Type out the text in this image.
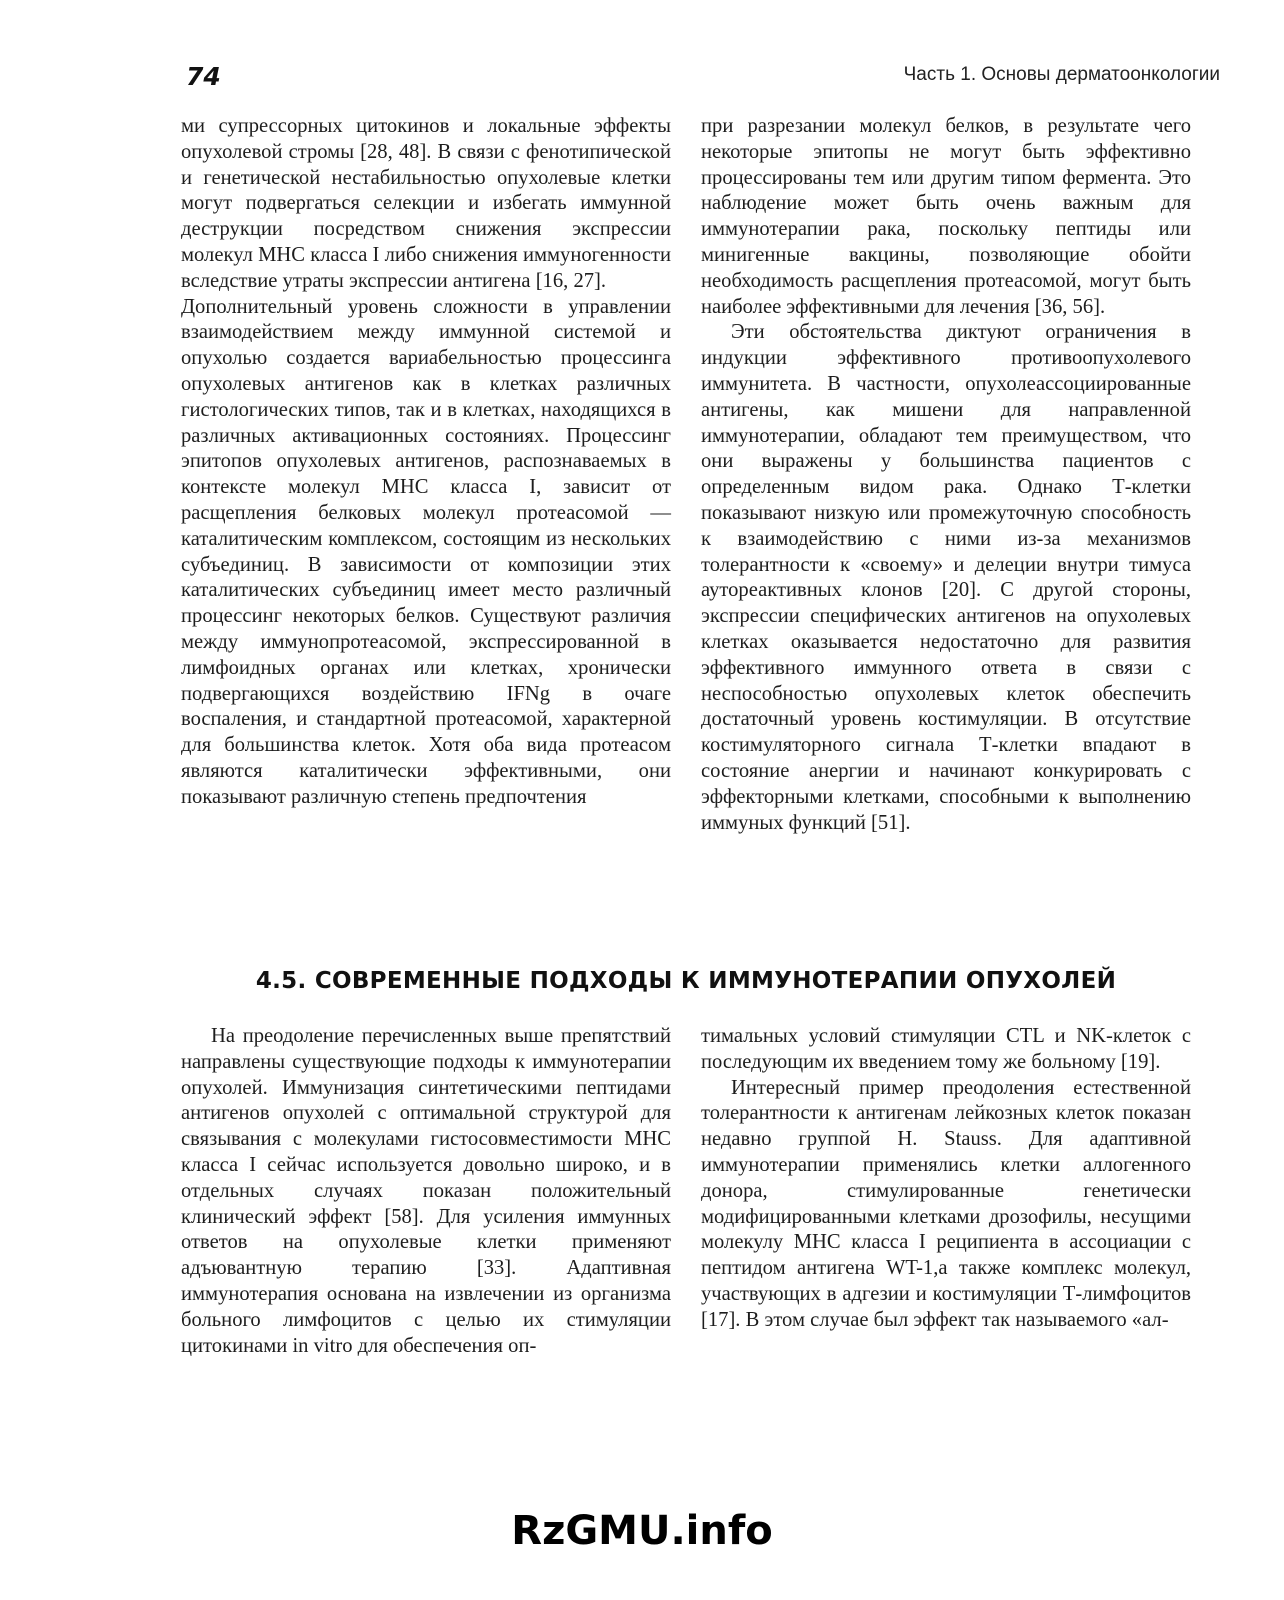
74	Часть 1. Основы дерматоонкологии

ми супрессорных цитокинов и локальные эффекты опухолевой стромы [28, 48]. В связи с фенотипической и генетической нестабильностью опухолевые клетки могут подвергаться селекции и избегать иммунной деструкции посредством снижения экспрессии молекул MHC класса I либо снижения иммуногенности вследствие утраты экспрессии антигена [16, 27].

Дополнительный уровень сложности в управлении взаимодействием между иммунной системой и опухолью создается вариабельностью процессинга опухолевых антигенов как в клетках различных гистологических типов, так и в клетках, находящихся в различных активационных состояниях. Процессинг эпитопов опухолевых антигенов, распознаваемых в контексте молекул MHC класса I, зависит от расщепления белковых молекул протеасомой — каталитическим комплексом, состоящим из нескольких субъединиц. В зависимости от композиции этих каталитических субъединиц имеет место различный процессинг некоторых белков. Существуют различия между иммунопротеасомой, экспрессированной в лимфоидных органах или клетках, хронически подвергающихся воздействию IFNg в очаге воспаления, и стандартной протеасомой, характерной для большинства клеток. Хотя оба вида протеасом являются каталитически эффективными, они показывают различную степень предпочтения

при разрезании молекул белков, в результате чего некоторые эпитопы не могут быть эффективно процессированы тем или другим типом фермента. Это наблюдение может быть очень важным для иммунотерапии рака, поскольку пептиды или минигенные вакцины, позволяющие обойти необходимость расщепления протеасомой, могут быть наиболее эффективными для лечения [36, 56].

Эти обстоятельства диктуют ограничения в индукции эффективного противоопухолевого иммунитета. В частности, опухолеассоциированные антигены, как мишени для направленной иммунотерапии, обладают тем преимуществом, что они выражены у большинства пациентов с определенным видом рака. Однако Т-клетки показывают низкую или промежуточную способность к взаимодействию с ними из-за механизмов толерантности к «своему» и делеции внутри тимуса аутореактивных клонов [20]. С другой стороны, экспрессии специфических антигенов на опухолевых клетках оказывается недостаточно для развития эффективного иммунного ответа в связи с неспособностью опухолевых клеток обеспечить достаточный уровень костимуляции. В отсутствие костимуляторного сигнала Т-клетки впадают в состояние анергии и начинают конкурировать с эффекторными клетками, способными к выполнению иммуных функций [51].

4.5. СОВРЕМЕННЫЕ ПОДХОДЫ К ИММУНОТЕРАПИИ ОПУХОЛЕЙ

На преодоление перечисленных выше препятствий направлены существующие подходы к иммунотерапии опухолей. Иммунизация синтетическими пептидами антигенов опухолей с оптимальной структурой для связывания с молекулами гистосовместимости MHC класса I сейчас используется довольно широко, и в отдельных случаях показан положительный клинический эффект [58]. Для усиления иммунных ответов на опухолевые клетки применяют адъювантную терапию [33]. Адаптивная иммунотерапия основана на извлечении из организма больного лимфоцитов с целью их стимуляции цитокинами in vitro для обеспечения оп-

тимальных условий стимуляции CTL и NK-клеток с последующим их введением тому же больному [19].

Интересный пример преодоления естественной толерантности к антигенам лейкозных клеток показан недавно группой H. Stauss. Для адаптивной иммунотерапии применялись клетки аллогенного донора, стимулированные генетически модифицированными клетками дрозофилы, несущими молекулу MHC класса I реципиента в ассоциации с пептидом антигена WT-1,а также комплекс молекул, участвующих в адгезии и костимуляции Т-лимфоцитов [17]. В этом случае был эффект так называемого «ал-

RzGMU.info
